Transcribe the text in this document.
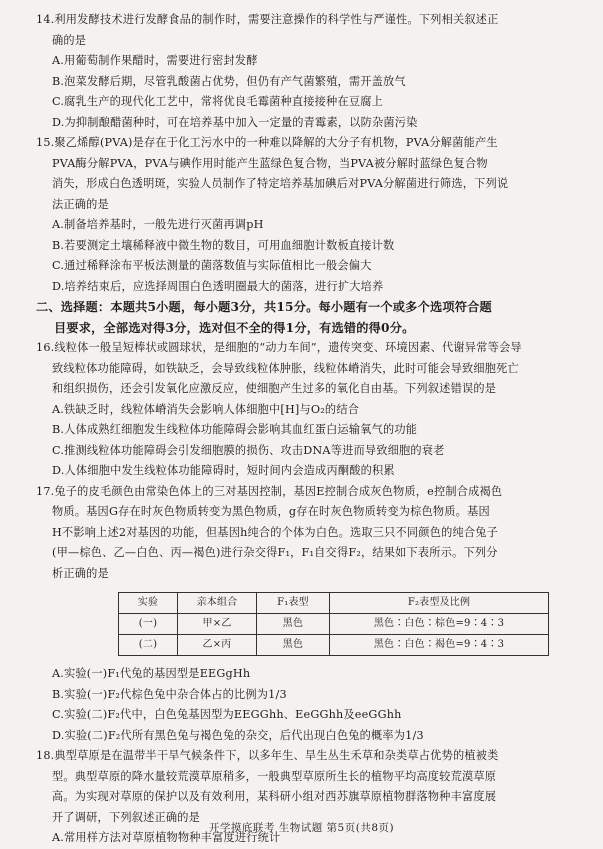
14.利用发酵技术进行发酵食品的制作时，需要注意操作的科学性与严谨性。下列相关叙述正
确的是
A.用葡萄制作果醋时，需要进行密封发酵
B.泡菜发酵后期，尽管乳酸菌占优势，但仍有产气菌繁殖，需开盖放气
C.腐乳生产的现代化工艺中，常将优良毛霉菌种直接接种在豆腐上
D.为抑制酿醋菌种时，可在培养基中加入一定量的青霉素，以防杂菌污染
15.聚乙烯醇(PVA)是存在于化工污水中的一种难以降解的大分子有机物，PVA分解菌能产生
PVA酶分解PVA，PVA与碘作用时能产生蓝绿色复合物，当PVA被分解时蓝绿色复合物
消失，形成白色透明斑，实验人员制作了特定培养基加碘后对PVA分解菌进行筛选，下列说
法正确的是
A.制备培养基时，一般先进行灭菌再调pH
B.若要测定土壤稀释液中微生物的数目，可用血细胞计数板直接计数
C.通过稀释涂布平板法测量的菌落数值与实际值相比一般会偏大
D.培养结束后，应选择周围白色透明圈最大的菌落，进行扩大培养
二、选择题：本题共5小题，每小题3分，共15分。每小题有一个或多个选项符合题
目要求，全部选对得3分，选对但不全的得1分，有选错的得0分。
16.线粒体一般呈短棒状或圆球状，是细胞的“动力车间”，遗传突变、环境因素、代谢异常等会导
致线粒体功能障碍，如铁缺乏，会导致线粒体肿胀，线粒体嵴消失，此时可能会导致细胞死亡
和组织损伤，还会引发氧化应激反应，使细胞产生过多的氧化自由基。下列叙述错误的是
A.铁缺乏时，线粒体嵴消失会影响人体细胞中[H]与O₂的结合
B.人体成熟红细胞发生线粒体功能障碍会影响其血红蛋白运输氧气的功能
C.推测线粒体功能障碍会引发细胞膜的损伤、攻击DNA等进而导致细胞的衰老
D.人体细胞中发生线粒体功能障碍时，短时间内会造成丙酮酸的积累
17.兔子的皮毛颜色由常染色体上的三对基因控制，基因E控制合成灰色物质，e控制合成褐色
物质。基因G存在时灰色物质转变为黑色物质，g存在时灰色物质转变为棕色物质。基因
H不影响上述2对基因的功能，但基因h纯合的个体为白色。选取三只不同颜色的纯合兔子
(甲—棕色、乙—白色、丙—褐色)进行杂交得F₁，F₁自交得F₂，结果如下表所示。下列分
析正确的是
实验	亲本组合	F₁表型	F₂表型及比例
(一)	甲×乙	黑色	黑色∶白色∶棕色=9∶4∶3
(二)	乙×丙	黑色	黑色∶白色∶褐色=9∶4∶3
A.实验(一)F₁代兔的基因型是EEGgHh
B.实验(一)F₂代棕色兔中杂合体占的比例为1/3
C.实验(二)F₂代中，白色兔基因型为EEGGhh、EeGGhh及eeGGhh
D.实验(二)F₂代所有黑色兔与褐色兔的杂交，后代出现白色兔的概率为1/3
18.典型草原是在温带半干旱气候条件下，以多年生、旱生丛生禾草和杂类草占优势的植被类
型。典型草原的降水量较荒漠草原稍多，一般典型草原所生长的植物平均高度较荒漠草原
高。为实现对草原的保护以及有效利用，某科研小组对西苏旗草原植物群落物种丰富度展
开了调研，下列叙述正确的是
A.常用样方法对草原植物物种丰富度进行统计
开学摸底联考 生物试题 第5页(共8页)
